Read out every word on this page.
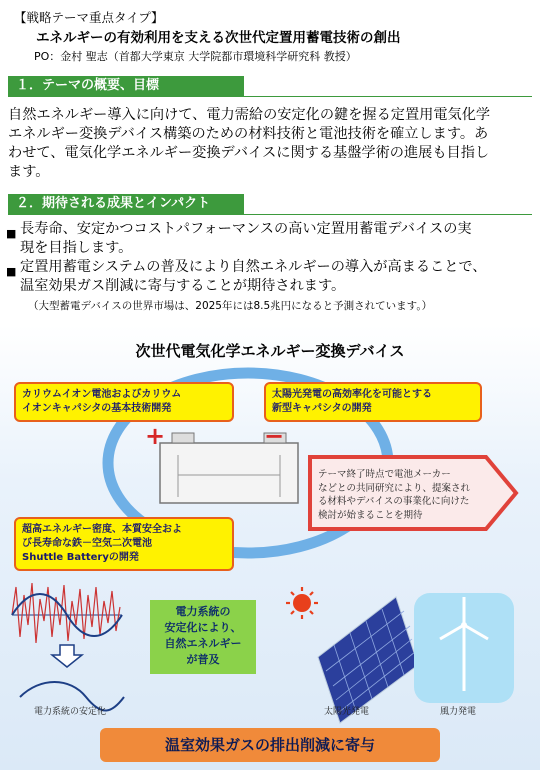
【戦略テーマ重点タイプ】
エネルギーの有効利用を支える次世代定置用蓄電技術の創出
PO：金村 聖志（首都大学東京 大学院都市環境科学研究科 教授）
１．テーマの概要、目標
自然エネルギー導入に向けて、電力需給の安定化の鍵を握る定置用電気化学
エネルギー変換デバイス構築のための材料技術と電池技術を確立します。あ
わせて、電気化学エネルギー変換デバイスに関する基盤学術の進展も目指し
ます。
２．期待される成果とインパクト
■ 長寿命、安定かつコストパフォーマンスの高い定置用蓄電デバイスの実
現を目指します。
■ 定置用蓄電システムの普及により自然エネルギーの導入が高まることで、
温室効果ガス削減に寄与することが期待されます。
（大型蓄電デバイスの世界市場は、2025年には8.5兆円になると予測されています。）
次世代電気化学エネルギー変換デバイス
+	−
カリウムイオン電池およびカリウム
イオンキャパシタの基本技術開発
太陽光発電の高効率化を可能とする
新型キャパシタの開発
超高エネルギー密度、本質安全およ
び長寿命な鉄－空気二次電池
Shuttle Batteryの開発
テーマ終了時点で電池メーカー
などとの共同研究により、提案され
る材料やデバイスの事業化に向けた
検討が始まることを期待
電力系統の
安定化により、
自然エネルギー
が普及
電力系統の安定化	太陽光発電	風力発電
温室効果ガスの排出削減に寄与
